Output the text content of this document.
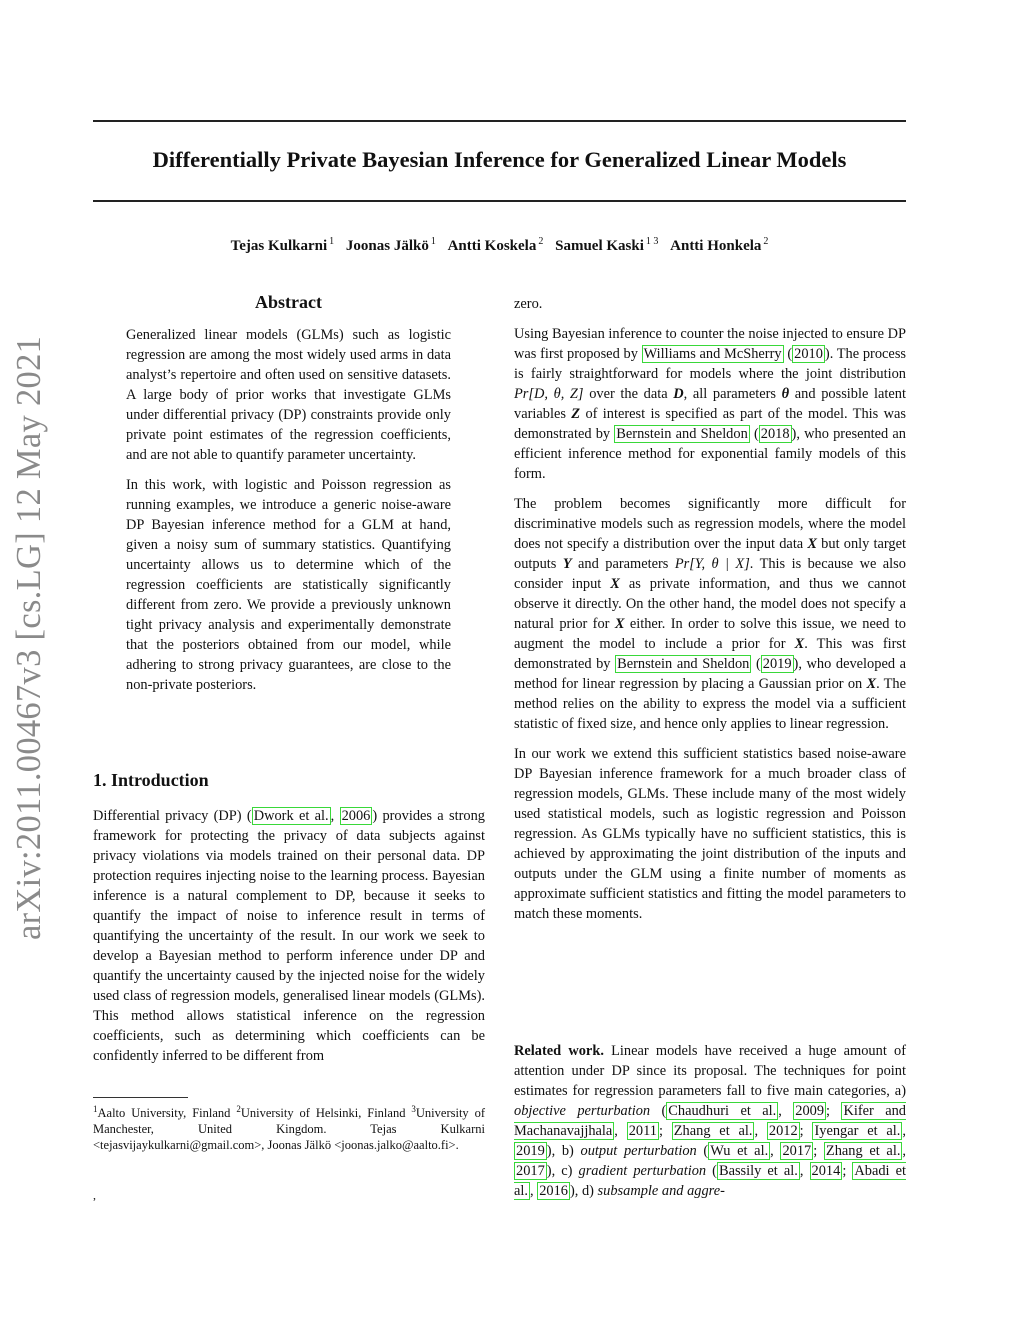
Differentially Private Bayesian Inference for Generalized Linear Models
Tejas Kulkarni $^1$ Joonas Jälkö $^1$ Antti Koskela $^2$ Samuel Kaski $^{1 3}$ Antti Honkela $^2$
arXiv:2011.00467v3 [cs.LG] 12 May 2021
Abstract

Generalized linear models (GLMs) such as logistic regression are among the most widely used arms in data analyst’s repertoire and often used on sensitive datasets. A large body of prior works that investigate GLMs under differential privacy (DP) constraints provide only private point estimates of the regression coefficients, and are not able to quantify parameter uncertainty.

In this work, with logistic and Poisson regression as running examples, we introduce a generic noise-aware DP Bayesian inference method for a GLM at hand, given a noisy sum of summary statistics. Quantifying uncertainty allows us to determine which of the regression coefficients are statistically significantly different from zero. We provide a previously unknown tight privacy analysis and experimentally demonstrate that the posteriors obtained from our model, while adhering to strong privacy guarantees, are close to the non-private posteriors.

1. Introduction

Differential privacy (DP) ( Dwork et al. , 2006 ) provides a strong framework for protecting the privacy of data subjects against privacy violations via models trained on their personal data. DP protection requires injecting noise to the learning process. Bayesian inference is a natural complement to DP, because it seeks to quantify the impact of noise to inference result in terms of quantifying the uncertainty of the result. In our work we seek to develop a Bayesian method to perform inference under DP and quantify the uncertainty caused by the injected noise for the widely used class of regression models, generalised linear models (GLMs). This method allows statistical inference on the regression coefficients, such as determining which coefficients can be confidently inferred to be different from

$^1$Aalto University, Finland $^2$University of Helsinki, Finland $^3$University of Manchester, United Kingdom. Tejas Kulkarni <tejasvijaykulkarni@gmail.com>, Joonas Jälkö <joonas.jalko@aalto.fi>.
,

zero.

Using Bayesian inference to counter the noise injected to ensure DP was first proposed by Williams and McSherry ( 2010 ). The process is fairly straightforward for models where the joint distribution Pr[D, θ, Z] over the data D, all parameters θ and possible latent variables Z of interest is specified as part of the model. This was demonstrated by Bernstein and Sheldon ( 2018 ), who presented an efficient inference method for exponential family models of this form.

The problem becomes significantly more difficult for discriminative models such as regression models, where the model does not specify a distribution over the input data X but only target outputs Y and parameters Pr[Y, θ | X]. This is because we also consider input X as private information, and thus we cannot observe it directly. On the other hand, the model does not specify a natural prior for X either. In order to solve this issue, we need to augment the model to include a prior for X. This was first demonstrated by Bernstein and Sheldon ( 2019 ), who developed a method for linear regression by placing a Gaussian prior on X. The method relies on the ability to express the model via a sufficient statistic of fixed size, and hence only applies to linear regression.

In our work we extend this sufficient statistics based noise-aware DP Bayesian inference framework for a much broader class of regression models, GLMs. These include many of the most widely used statistical models, such as logistic regression and Poisson regression. As GLMs typically have no sufficient statistics, this is achieved by approximating the joint distribution of the inputs and outputs under the GLM using a finite number of moments as approximate sufficient statistics and fitting the model parameters to match these moments.

Related work. Linear models have received a huge amount of attention under DP since its proposal. The techniques for point estimates for regression parameters fall to five main categories, a) objective perturbation ( Chaudhuri et al. , 2009 ; Kifer and Machanavajjhala , 2011 ; Zhang et al. , 2012 ; Iyengar et al. , 2019 ), b) output perturbation ( Wu et al. , 2017 ; Zhang et al. , 2017 ), c) gradient perturbation ( Bassily et al. , 2014 ; Abadi et al. , 2016 ), d) subsample and aggre-
